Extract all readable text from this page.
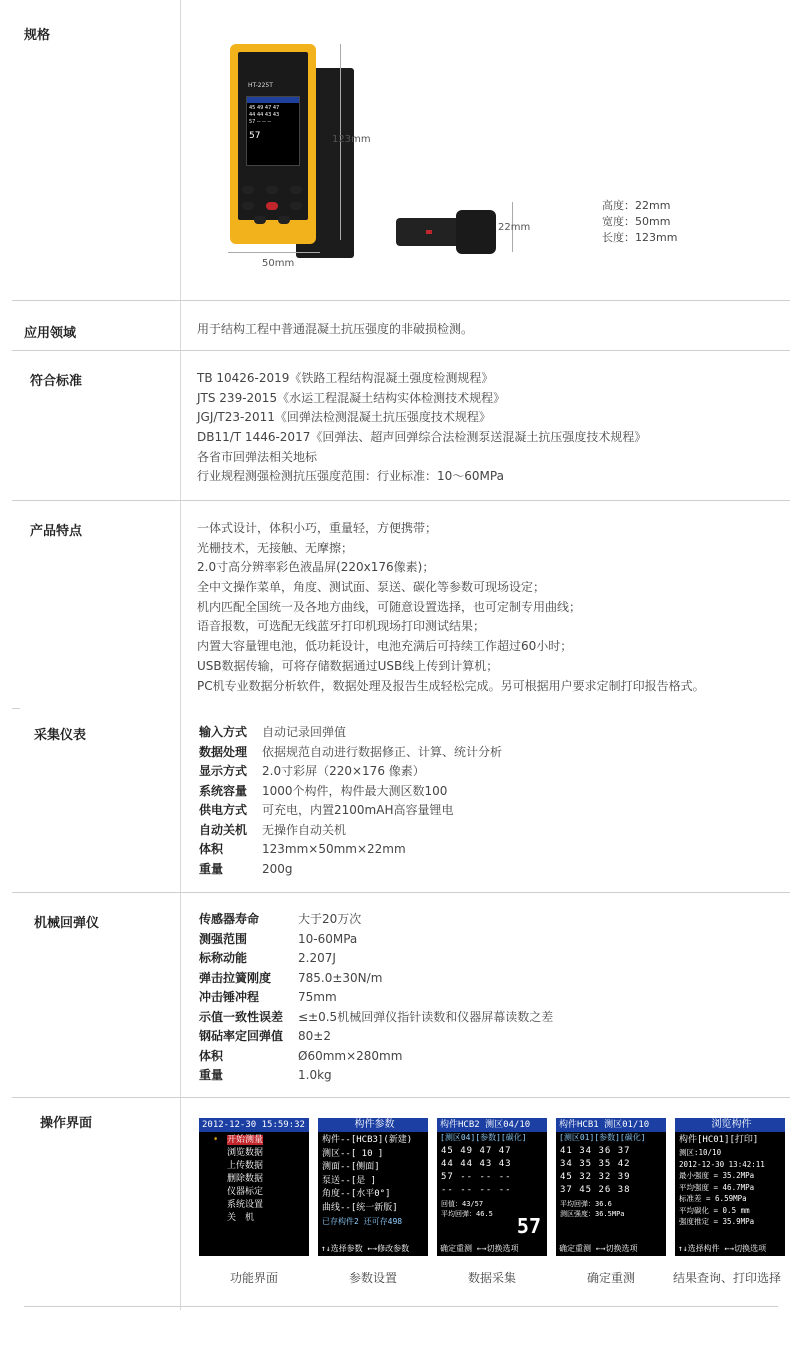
规格
HT-225T
45 49 47 47
44 44 43 43
57 -- -- --

57	123mm
50mm
22mm
高度：22mm
宽度：50mm
长度：123mm
应用领域	用于结构工程中普通混凝土抗压强度的非破损检测。
符合标准	TB 10426-2019《铁路工程结构混凝土强度检测规程》
JTS 239-2015《水运工程混凝土结构实体检测技术规程》
JGJ/T23-2011《回弹法检测混凝土抗压强度技术规程》
DB11/T 1446-2017《回弹法、超声回弹综合法检测泵送混凝土抗压强度技术规程》
各省市回弹法相关地标
行业规程测强检测抗压强度范围：行业标准：10～60MPa
产品特点	一体式设计，体积小巧，重量轻，方便携带；
光栅技术，无接触、无摩擦；
2.0寸高分辨率彩色液晶屏(220x176像素)；
全中文操作菜单，角度、测试面、泵送、碳化等参数可现场设定；
机内匹配全国统一及各地方曲线，可随意设置选择，也可定制专用曲线；
语音报数，可选配无线蓝牙打印机现场打印测试结果；
内置大容量锂电池，低功耗设计，电池充满后可持续工作超过60小时；
USB数据传输，可将存储数据通过USB线上传到计算机；
PC机专业数据分析软件，数据处理及报告生成轻松完成。另可根据用户要求定制打印报告格式。
采集仪表	输入方式	自动记录回弹值
数据处理	依据规范自动进行数据修正、计算、统计分析
显示方式	2.0寸彩屏（220×176 像素）
系统容量	1000个构件，构件最大测区数100
供电方式	可充电，内置2100mAH高容量锂电
自动关机	无操作自动关机
体积	123mm×50mm×22mm
重量	200g
机械回弹仪	传感器寿命	大于20万次
测强范围	10-60MPa
标称动能	2.207J
弹击拉簧刚度	785.0±30N/m
冲击锤冲程	75mm
示值一致性误差	≤±0.5机械回弹仪指针读数和仪器屏幕读数之差
钢砧率定回弹值	80±2
体积	Ø60mm×280mm
重量	1.0kg
操作界面	2012-12-30 15:59:32
➧ 开始测量
浏览数据
上传数据
删除数据
仪器标定
系统设置
关　机
构件参数
构件--[HCB3](新建)
测区--[ 10 ]
测面--[侧面]
泵送--[是 ]
角度--[水平0°]
曲线--[统一新版]
已存构件2 还可存498
↑↓选择参数 ←→修改参数
构件HCB2 测区04/10
[测区04][参数][碳化]
45 49 47 47
44 44 43 43
57 -- -- --
-- -- -- --
回值：43/57
平均回弹：46.5	57
确定重测 ←→切换选项
构件HCB1 测区01/10
[测区01][参数][碳化]
41 34 36 37
34 35 35 42
45 32 32 39
37 45 26 38
平均回弹：36.6
测区强度：36.5MPa
确定重测 ←→切换选项
浏览构件
构件[HC01][打印]
测区:10/10
2012-12-30 13:42:11
最小强度 = 35.2MPa
平均强度 = 46.7MPa
标准差 = 6.59MPa
平均碳化 = 0.5 mm
强度推定 = 35.9MPa
↑↓选择构件 ←→切换选项
功能界面	参数设置	数据采集	确定重测	结果查询、打印选择
